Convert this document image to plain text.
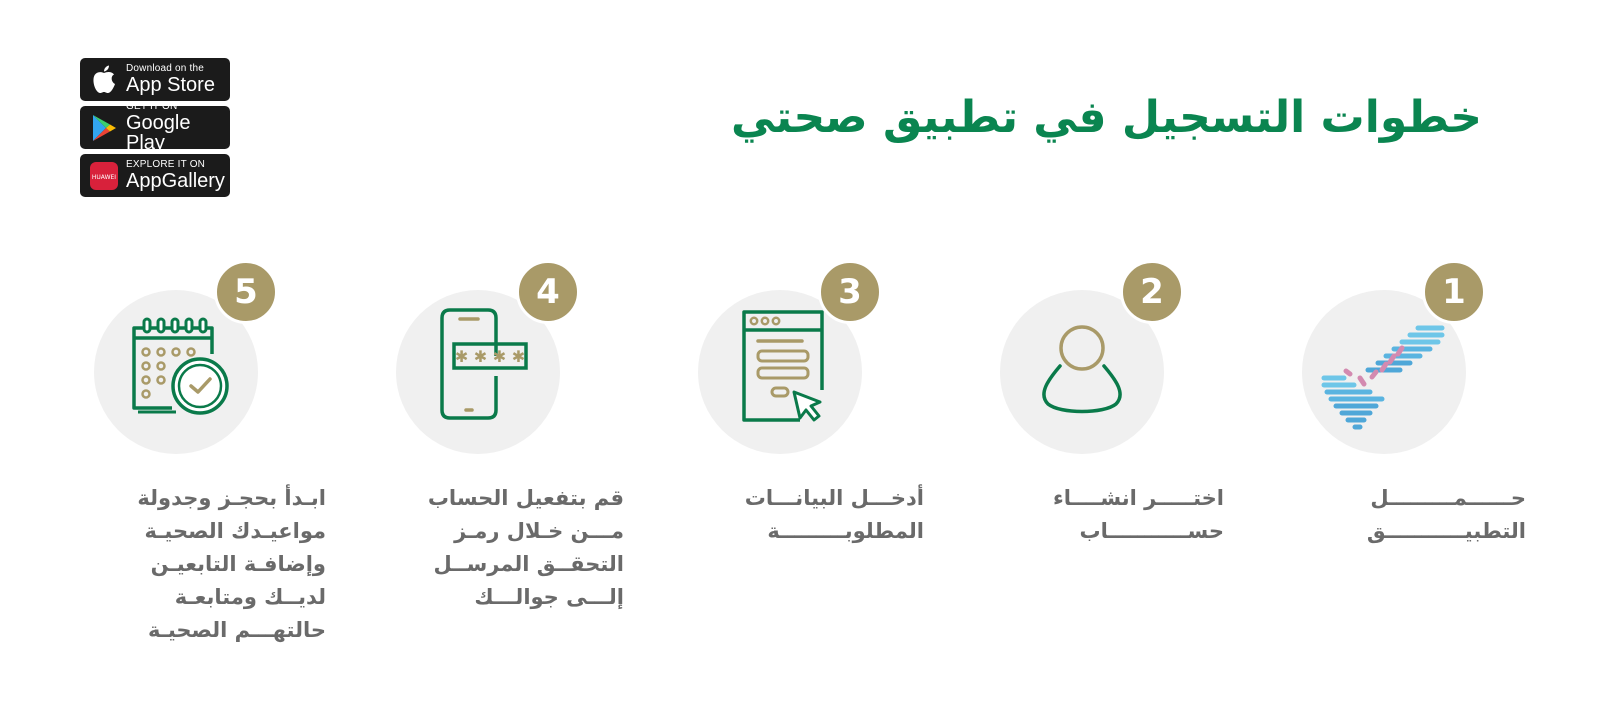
خطوات التسجيل في تطبيق صحتي
Download on the
App Store
GET IT ON
Google Play
HUAWEI
EXPLORE IT ON
AppGallery
1
2
3
✱ ✱ ✱ ✱
4
5
حــــــمـــــــــل
التطبيـــــــــــق
اختـــــر انشــــاء
حســـــــــــاب
أدخـــل البيانـــات
المطلوبـــــــــة
قم بتفعيل الحساب
مـــن خـلال رمـز
التحقــق المرســل
إلـــى جوالـــك
ابـدأ بحجـز وجدولة
مواعيـدك الصحيـة
وإضافـة التابعيـن
لديــك ومتابعـة
حالتهـــم الصحيـة
